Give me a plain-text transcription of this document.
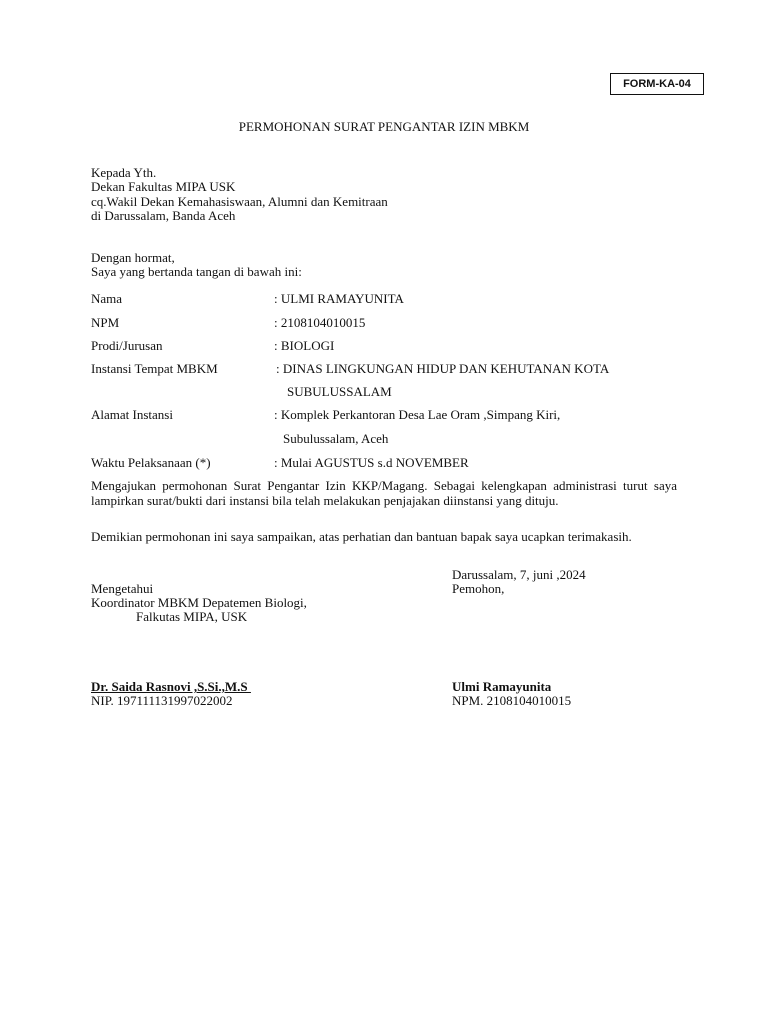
FORM-KA-04
PERMOHONAN SURAT PENGANTAR IZIN MBKM
Kepada Yth.
Dekan Fakultas MIPA USK
cq.Wakil Dekan Kemahasiswaan, Alumni dan Kemitraan
di Darussalam, Banda Aceh
Dengan hormat,
Saya yang bertanda tangan di bawah ini:
Nama	: ULMI RAMAYUNITA
NPM	: 2108104010015
Prodi/Jurusan	: BIOLOGI
Instansi Tempat MBKM	: DINAS LINGKUNGAN HIDUP DAN KEHUTANAN KOTA
SUBULUSSALAM
Alamat Instansi	: Komplek Perkantoran Desa Lae Oram ,Simpang Kiri,
Subulussalam, Aceh
Waktu Pelaksanaan (*)	: Mulai AGUSTUS s.d NOVEMBER
Mengajukan permohonan Surat Pengantar Izin KKP/Magang. Sebagai kelengkapan administrasi turut saya lampirkan surat/bukti dari instansi bila telah melakukan penjajakan diinstansi yang dituju.
Demikian permohonan ini saya sampaikan, atas perhatian dan bantuan bapak saya ucapkan terimakasih.
Darussalam, 7, juni ,2024
Pemohon,
Mengetahui
Koordinator MBKM Depatemen Biologi,
Falkutas MIPA, USK
Dr. Saida Rasnovi ,S.Si.,M.S
NIP. 197111131997022002
Ulmi Ramayunita
NPM. 2108104010015
